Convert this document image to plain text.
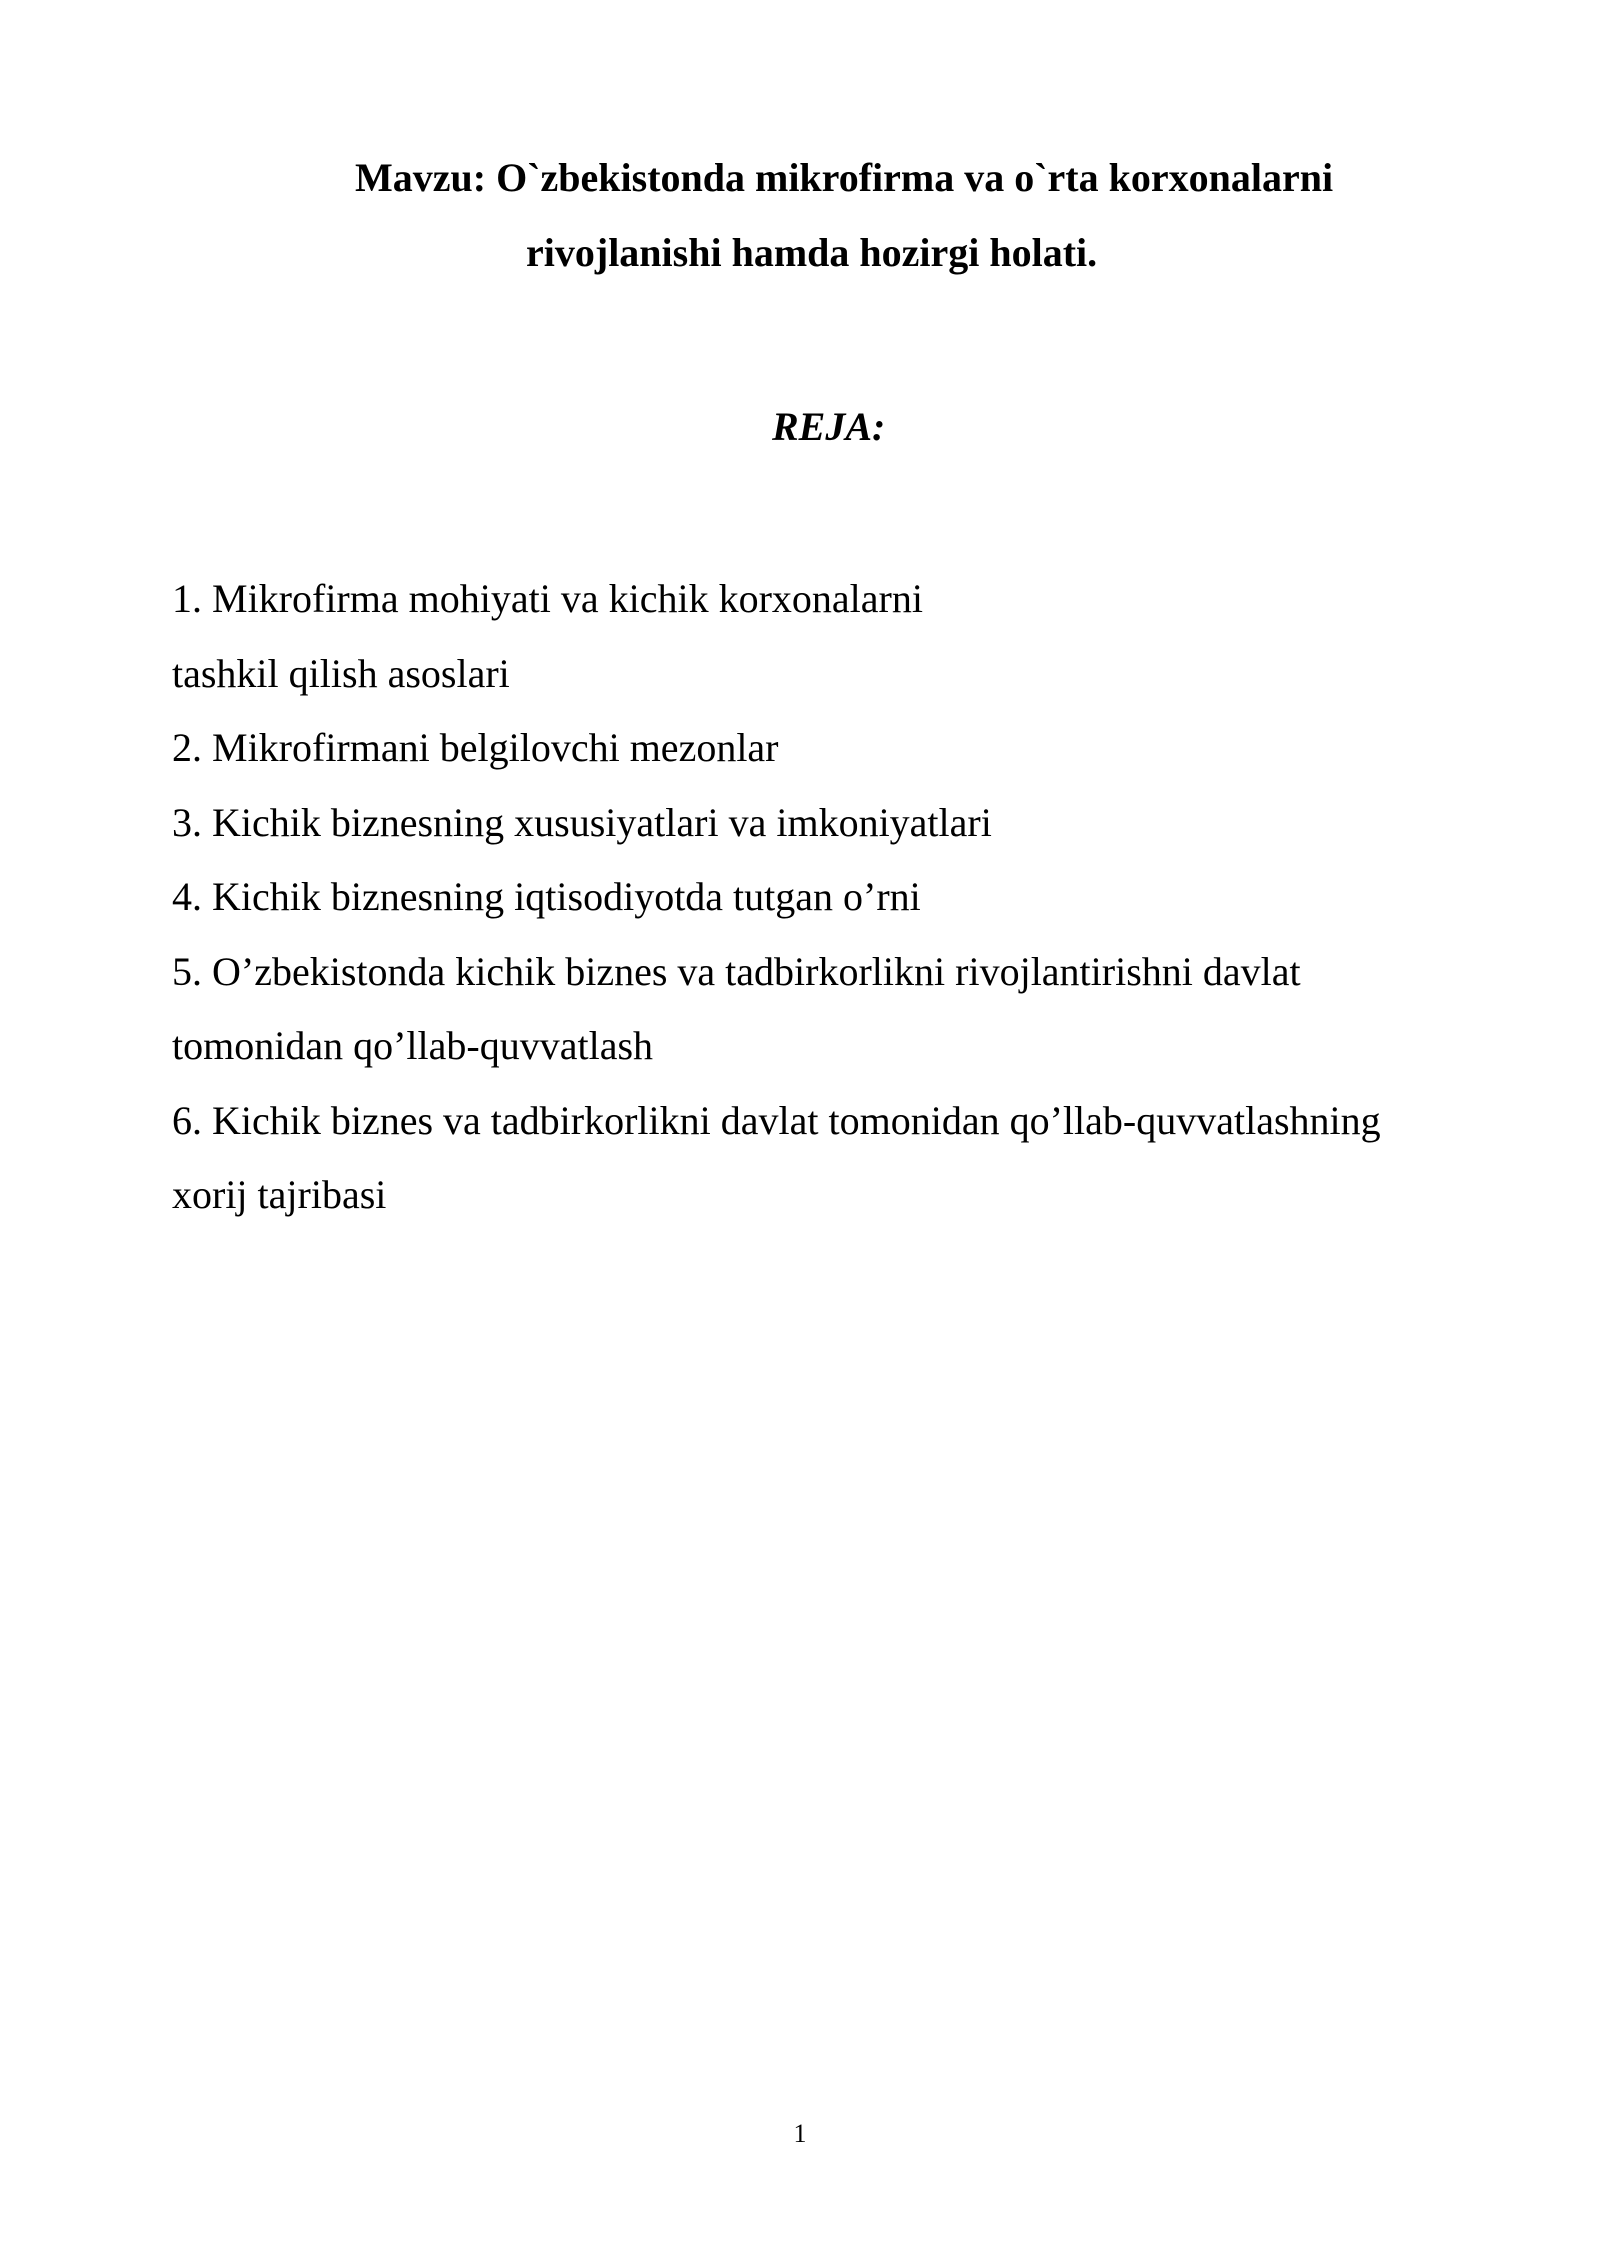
Mavzu: O`zbekistonda mikrofirma va o`rta korxonalarni
rivojlanishi hamda hozirgi holati.
REJA:
1. Mikrofirma mohiyati va kichik korxonalarni
tashkil qilish asoslari
2. Mikrofirmani belgilovchi mezonlar
3. Kichik biznesning xususiyatlari va imkoniyatlari
4. Kichik biznesning iqtisodiyotda tutgan o’rni
5. O’zbekistonda kichik biznes va tadbirkorlikni rivojlantirishni davlat
tomonidan qo’llab-quvvatlash
6. Kichik biznes va tadbirkorlikni davlat tomonidan qo’llab-quvvatlashning
xorij tajribasi
1
